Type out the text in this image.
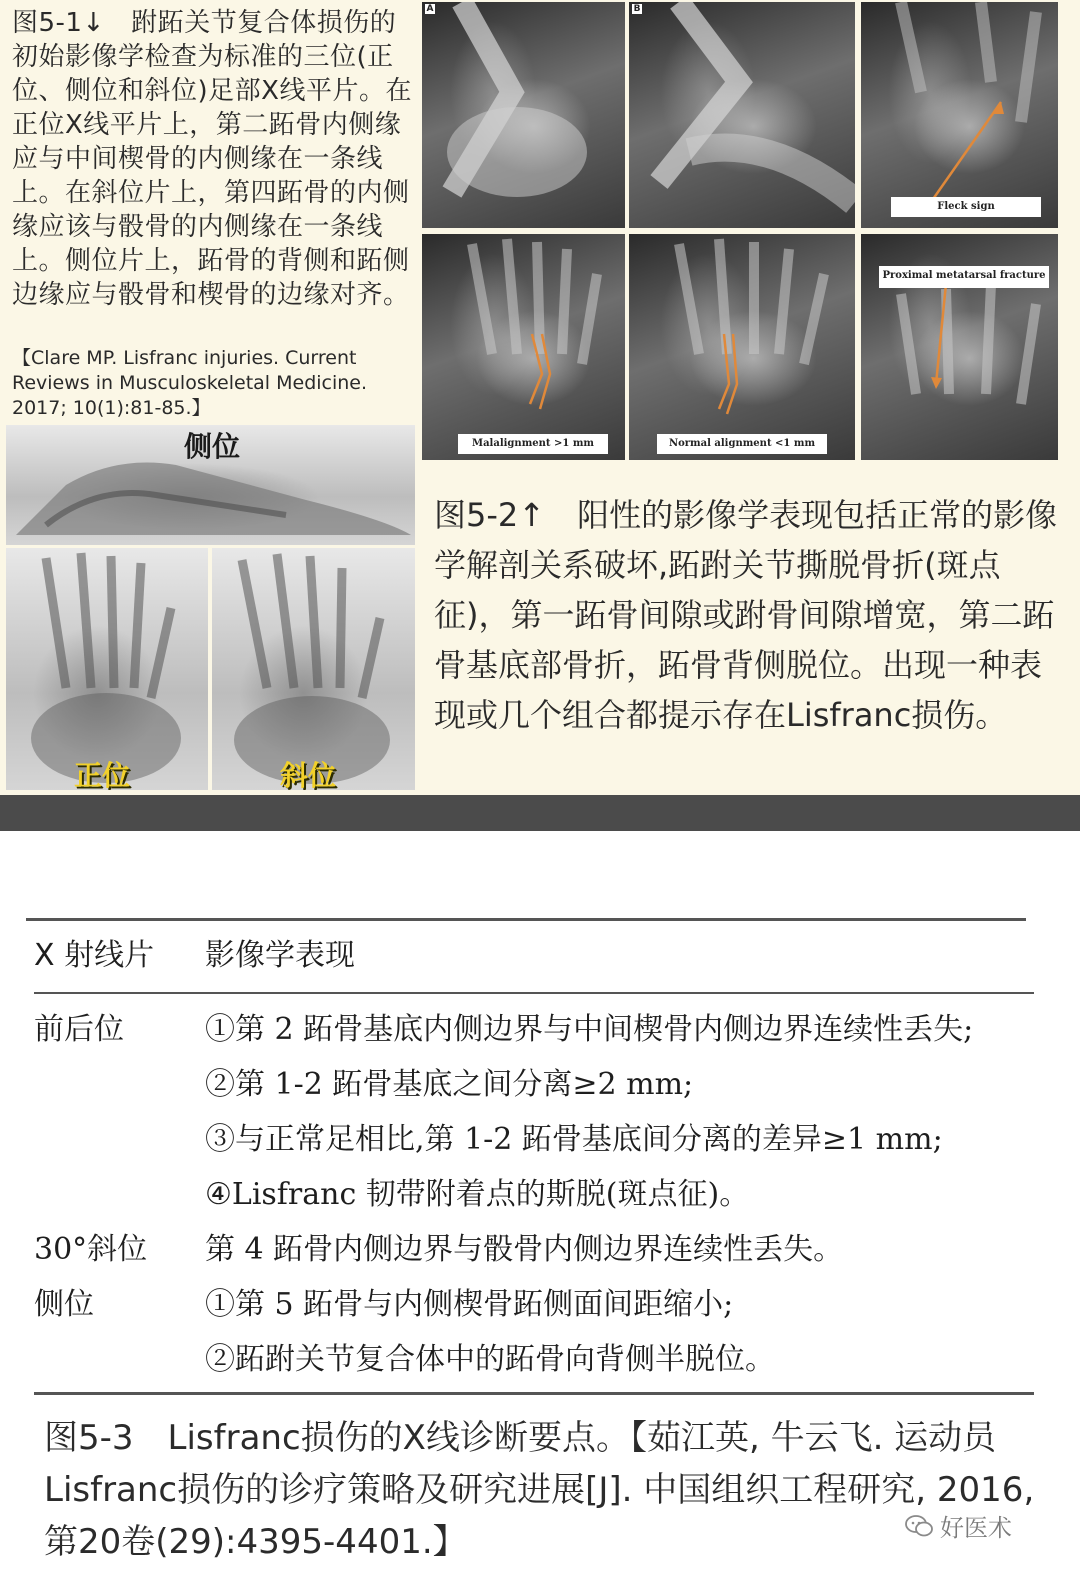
图5-1↓　跗跖关节复合体损伤的初始影像学检查为标准的三位(正位、侧位和斜位)足部X线平片。在正位X线平片上，第二跖骨内侧缘应与中间楔骨的内侧缘在一条线上。在斜位片上，第四跖骨的内侧缘应该与骰骨的内侧缘在一条线上。侧位片上，跖骨的背侧和跖侧边缘应与骰骨和楔骨的边缘对齐。

【Clare MP. Lisfranc injuries. Current Reviews in Musculoskeletal Medicine. 2017; 10(1):81-85.】

侧位
正位	斜位
A	B
Fleck sign
Malalignment >1 mm	Normal alignment <1 mm
Proximal metatarsal fracture

图5-2↑　阳性的影像学表现包括正常的影像学解剖关系破坏,跖跗关节撕脱骨折(斑点征)，第一跖骨间隙或跗骨间隙增宽，第二跖骨基底部骨折，跖骨背侧脱位。出现一种表现或几个组合都提示存在Lisfranc损伤。

X 射线片 影像学表现
前后位	①第 2 跖骨基底内侧边界与中间楔骨内侧边界连续性丢失;
②第 1-2 跖骨基底之间分离≥2 mm;
③与正常足相比,第 1-2 跖骨基底间分离的差异≥1 mm;
④Lisfranc 韧带附着点的斯脱(斑点征)。
30°斜位 第 4 跖骨内侧边界与骰骨内侧边界连续性丢失。
侧位	①第 5 跖骨与内侧楔骨跖侧面间距缩小;
②跖跗关节复合体中的跖骨向背侧半脱位。

图5-3　Lisfranc损伤的X线诊断要点。【茹江英, 牛云飞. 运动员Lisfranc损伤的诊疗策略及研究进展[J]. 中国组织工程研究, 2016, 第20卷(29):4395-4401.】	好医术
